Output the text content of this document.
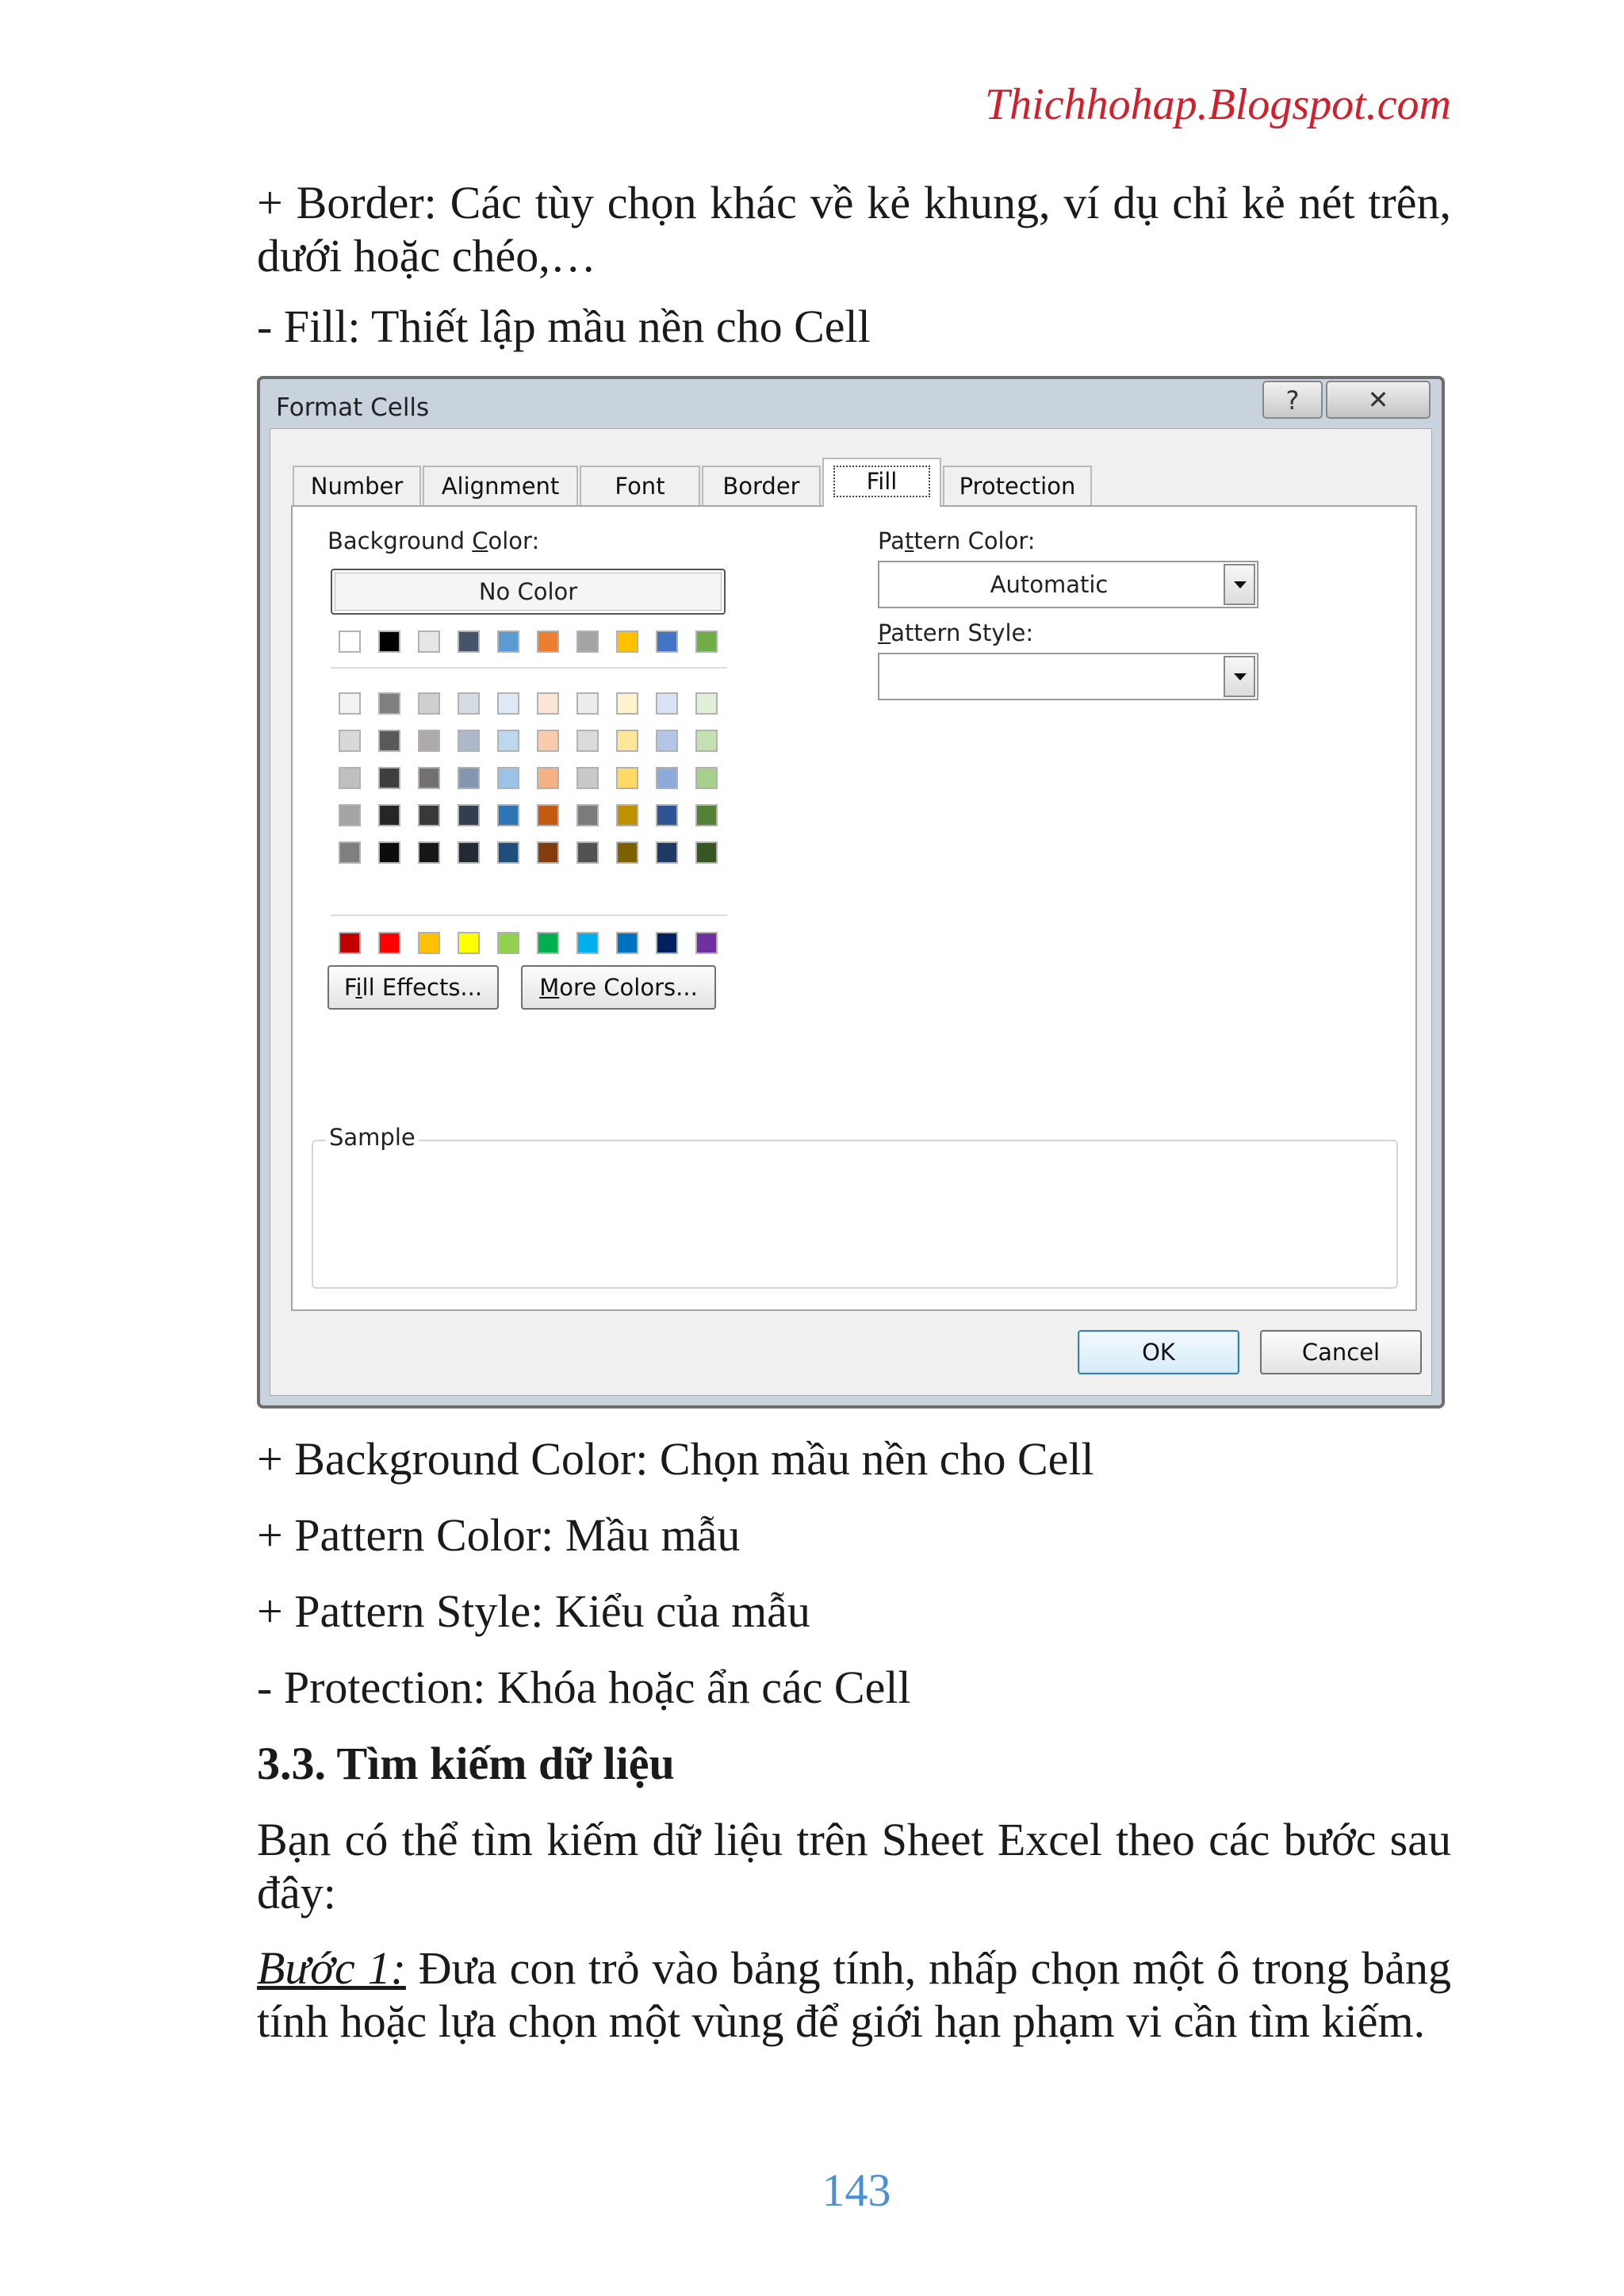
Thichhohap.Blogspot.com

+ Border: Các tùy chọn khác về kẻ khung, ví dụ chỉ kẻ nét trên, dưới hoặc chéo,…

- Fill: Thiết lập mầu nền cho Cell

Format Cells	?	✕
Number	Alignment	Font	Border	Fill	Protection
Background Color:
No Color
Fill Effects...	More Colors...
Pattern Color:
Automatic
Pattern Style:
Sample
OK	Cancel

+ Background Color: Chọn mầu nền cho Cell

+ Pattern Color: Mầu mẫu

+ Pattern Style: Kiểu của mẫu

- Protection: Khóa hoặc ẩn các Cell

3.3. Tìm kiếm dữ liệu

Bạn có thể tìm kiếm dữ liệu trên Sheet Excel theo các bước sau đây:

Bước 1: Đưa con trỏ vào bảng tính, nhấp chọn một ô trong bảng tính hoặc lựa chọn một vùng để giới hạn phạm vi cần tìm kiếm.

143
